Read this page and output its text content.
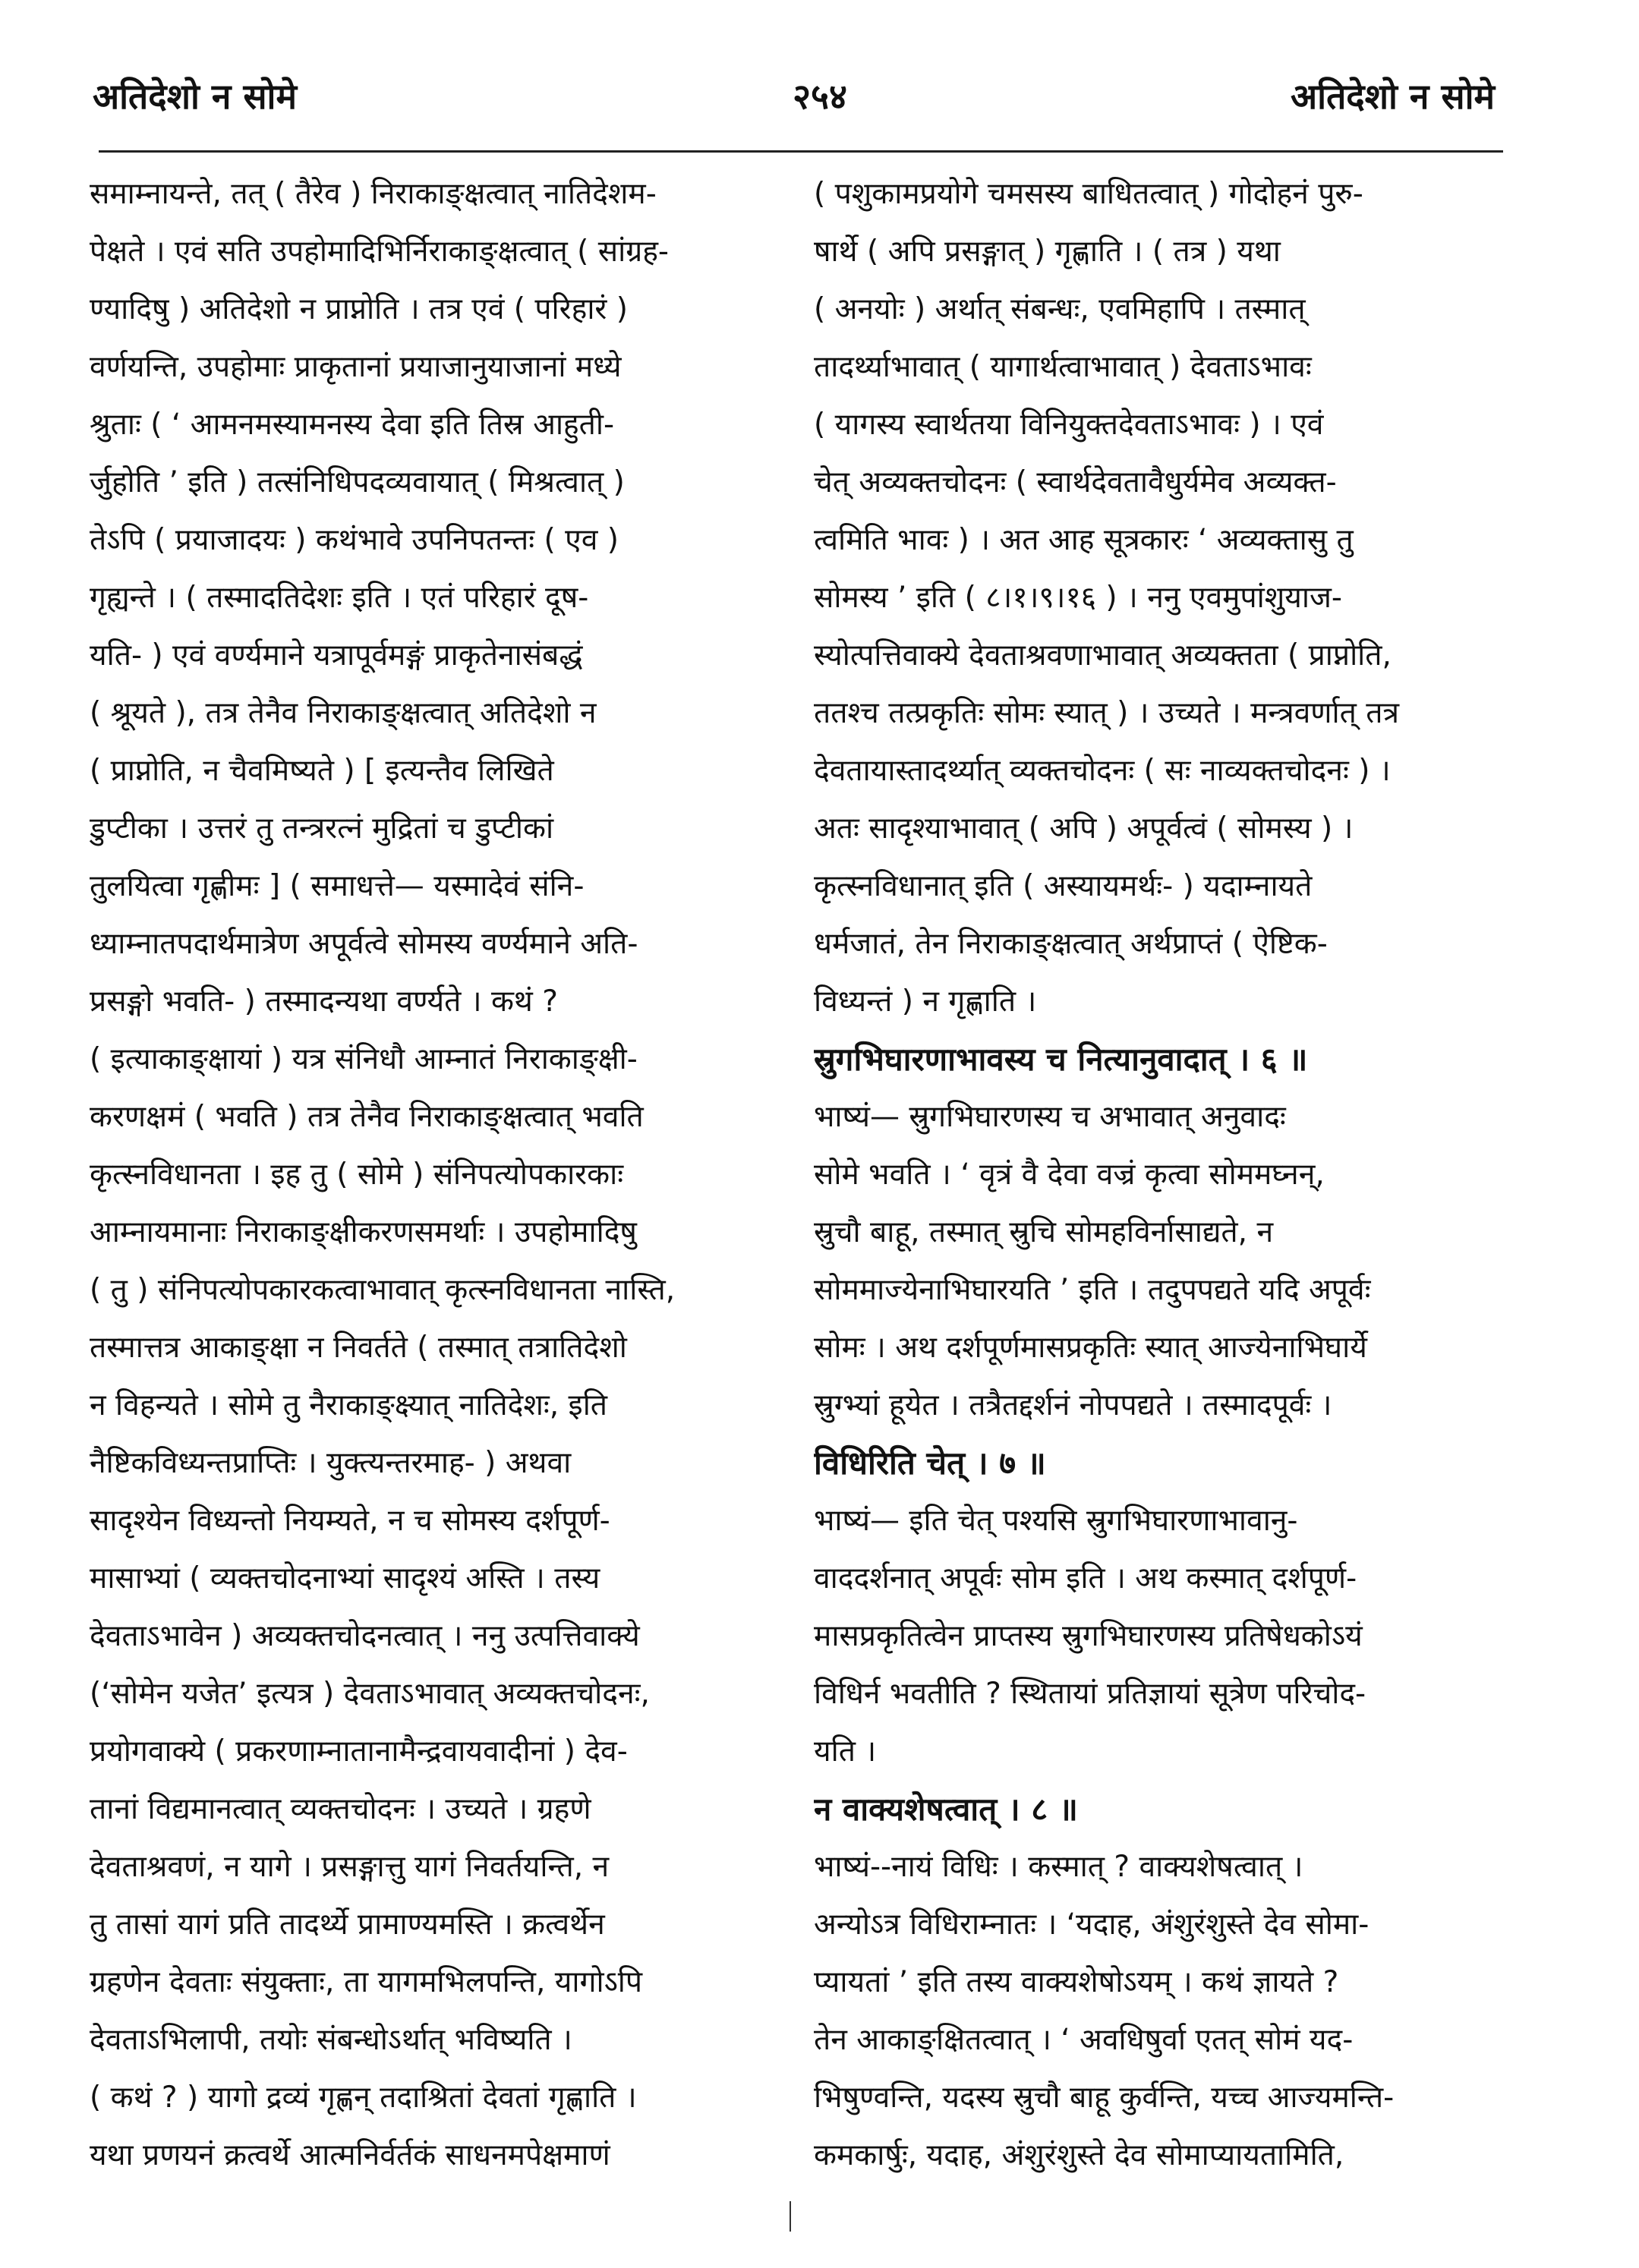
अतिदेशो न सोमे	२५४	अतिदेशो न सोमे
समाम्नायन्ते, तत् ( तैरेव ) निराकाङ्क्षत्वात् नातिदेशम-
पेक्षते । एवं सति उपहोमादिभिर्निराकाङ्क्षत्वात् ( सांग्रह-
ण्यादिषु ) अतिदेशो न प्राप्नोति । तत्र एवं ( परिहारं )
वर्णयन्ति, उपहोमाः प्राकृतानां प्रयाजानुयाजानां मध्ये
श्रुताः ( ‘ आमनमस्यामनस्य देवा इति तिस्र आहुती-
र्जुहोति ’ इति ) तत्संनिधिपदव्यवायात् ( मिश्रत्वात् )
तेऽपि ( प्रयाजादयः ) कथंभावे उपनिपतन्तः ( एव )
गृह्यन्ते । ( तस्मादतिदेशः इति । एतं परिहारं दूष-
यति- ) एवं वर्ण्यमाने यत्रापूर्वमङ्गं प्राकृतेनासंबद्धं
( श्रूयते ), तत्र तेनैव निराकाङ्क्षत्वात् अतिदेशो न
( प्राप्नोति, न चैवमिष्यते ) [ इत्यन्तैव लिखिते
डुप्टीका । उत्तरं तु तन्त्ररत्नं मुद्रितां च डुप्टीकां
तुलयित्वा गृह्णीमः ] ( समाधत्ते— यस्मादेवं संनि-
ध्याम्नातपदार्थमात्रेण अपूर्वत्वे सोमस्य वर्ण्यमाने अति-
प्रसङ्गो भवति- ) तस्मादन्यथा वर्ण्यते । कथं ?
( इत्याकाङ्क्षायां ) यत्र संनिधौ आम्नातं निराकाङ्क्षी-
करणक्षमं ( भवति ) तत्र तेनैव निराकाङ्क्षत्वात् भवति
कृत्स्नविधानता । इह तु ( सोमे ) संनिपत्योपकारकाः
आम्नायमानाः निराकाङ्क्षीकरणसमर्थाः । उपहोमादिषु
( तु ) संनिपत्योपकारकत्वाभावात् कृत्स्नविधानता नास्ति,
तस्मात्तत्र आकाङ्क्षा न निवर्तते ( तस्मात् तत्रातिदेशो
न विहन्यते । सोमे तु नैराकाङ्क्ष्यात् नातिदेशः, इति
नैष्टिकविध्यन्तप्राप्तिः । युक्त्यन्तरमाह- ) अथवा
सादृश्येन विध्यन्तो नियम्यते, न च सोमस्य दर्शपूर्ण-
मासाभ्यां ( व्यक्तचोदनाभ्यां सादृश्यं अस्ति । तस्य
देवताऽभावेन ) अव्यक्तचोदनत्वात् । ननु उत्पत्तिवाक्ये
(‘सोमेन यजेत’ इत्यत्र ) देवताऽभावात् अव्यक्तचोदनः,
प्रयोगवाक्ये ( प्रकरणाम्नातानामैन्द्रवायवादीनां ) देव-
तानां विद्यमानत्वात् व्यक्तचोदनः । उच्यते । ग्रहणे
देवताश्रवणं, न यागे । प्रसङ्गात्तु यागं निवर्तयन्ति, न
तु तासां यागं प्रति तादर्थ्ये प्रामाण्यमस्ति । क्रत्वर्थेन
ग्रहणेन देवताः संयुक्ताः, ता यागमभिलपन्ति, यागोऽपि
देवताऽभिलापी, तयोः संबन्धोऽर्थात् भविष्यति ।
( कथं ? ) यागो द्रव्यं गृह्णन् तदाश्रितां देवतां गृह्णाति ।
यथा प्रणयनं क्रत्वर्थे आत्मनिर्वर्तकं साधनमपेक्षमाणं
( पशुकामप्रयोगे चमसस्य बाधितत्वात् ) गोदोहनं पुरु-
षार्थे ( अपि प्रसङ्गात् ) गृह्णाति । ( तत्र ) यथा
( अनयोः ) अर्थात् संबन्धः, एवमिहापि । तस्मात्
तादर्थ्याभावात् ( यागार्थत्वाभावात् ) देवताऽभावः
( यागस्य स्वार्थतया विनियुक्तदेवताऽभावः ) । एवं
चेत् अव्यक्तचोदनः ( स्वार्थदेवतावैधुर्यमेव अव्यक्त-
त्वमिति भावः ) । अत आह सूत्रकारः ‘ अव्यक्तासु तु
सोमस्य ’ इति ( ८।१।९।१६ ) । ननु एवमुपांशुयाज-
स्योत्पत्तिवाक्ये देवताश्रवणाभावात् अव्यक्तता ( प्राप्नोति,
ततश्च तत्प्रकृतिः सोमः स्यात् ) । उच्यते । मन्त्रवर्णात् तत्र
देवतायास्तादर्थ्यात् व्यक्तचोदनः ( सः नाव्यक्तचोदनः ) ।
अतः सादृश्याभावात् ( अपि ) अपूर्वत्वं ( सोमस्य ) ।
कृत्स्नविधानात् इति ( अस्यायमर्थः- ) यदाम्नायते
धर्मजातं, तेन निराकाङ्क्षत्वात् अर्थप्राप्तं ( ऐष्टिक-
विध्यन्तं ) न गृह्णाति ।
स्रुगभिघारणाभावस्य च नित्यानुवादात् । ६ ॥
भाष्यं— स्रुगभिघारणस्य च अभावात् अनुवादः
सोमे भवति । ‘ वृत्रं वै देवा वज्रं कृत्वा सोममघ्नन्,
स्रुचौ बाहू, तस्मात् स्रुचि सोमहविर्नासाद्यते, न
सोममाज्येनाभिघारयति ’ इति । तदुपपद्यते यदि अपूर्वः
सोमः । अथ दर्शपूर्णमासप्रकृतिः स्यात् आज्येनाभिघार्ये
स्रुग्भ्यां हूयेत । तत्रैतद्दर्शनं नोपपद्यते । तस्मादपूर्वः ।
विधिरिति चेत् । ७ ॥
भाष्यं— इति चेत् पश्यसि स्रुगभिघारणाभावानु-
वाददर्शनात् अपूर्वः सोम इति । अथ कस्मात् दर्शपूर्ण-
मासप्रकृतित्वेन प्राप्तस्य स्रुगभिघारणस्य प्रतिषेधकोऽयं
विधिर्न भवतीति ? स्थितायां प्रतिज्ञायां सूत्रेण परिचोद-
यति ।
न वाक्यशेषत्वात् । ८ ॥
भाष्यं--नायं विधिः । कस्मात् ? वाक्यशेषत्वात् ।
अन्योऽत्र विधिराम्नातः । ‘यदाह, अंशुरंशुस्ते देव सोमा-
प्यायतां ’ इति तस्य वाक्यशेषोऽयम् । कथं ज्ञायते ?
तेन आकाङ्क्षितत्वात् । ‘ अवधिषुर्वा एतत् सोमं यद-
भिषुण्वन्ति, यदस्य स्रुचौ बाहू कुर्वन्ति, यच्च आज्यमन्ति-
कमकार्षुः, यदाह, अंशुरंशुस्ते देव सोमाप्यायतामिति,
